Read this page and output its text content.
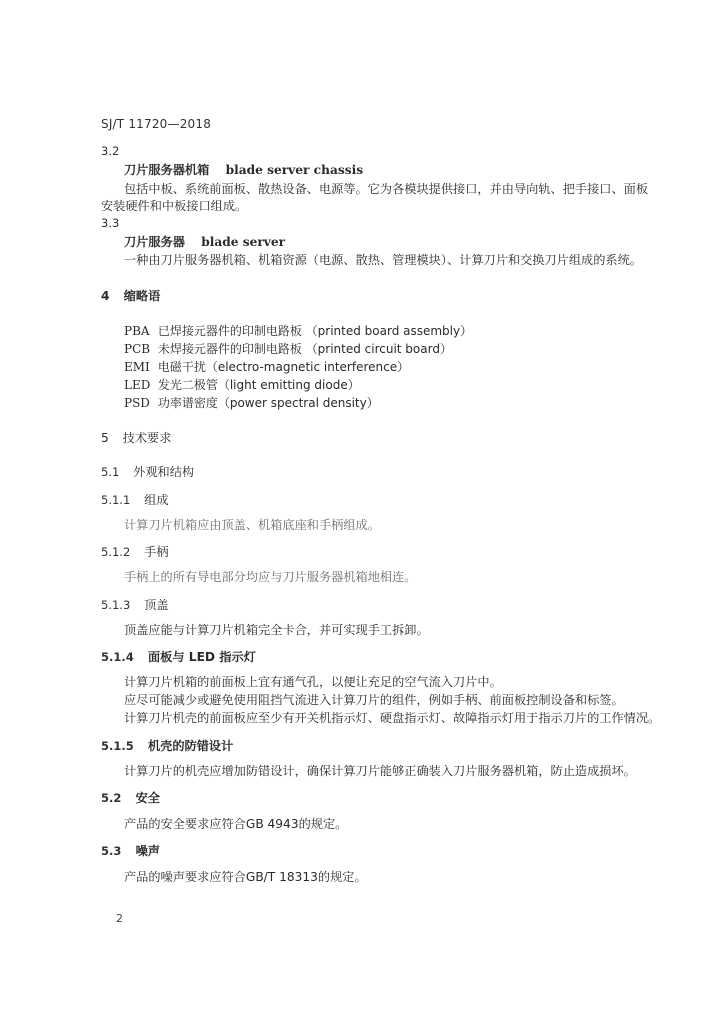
SJ/T 11720—2018
3.2
刀片服务器机箱 blade server chassis
包括中板、系统前面板、散热设备、电源等。它为各模块提供接口，并由导向轨、把手接口、面板
安装硬件和中板接口组成。
3.3
刀片服务器 blade server
一种由刀片服务器机箱、机箱资源（电源、散热、管理模块）、计算刀片和交换刀片组成的系统。
4 缩略语
PBA 已焊接元器件的印制电路板 （printed board assembly）
PCB 未焊接元器件的印制电路板 （printed circuit board）
EMI 电磁干扰（electro-magnetic interference）
LED 发光二极管（light emitting diode）
PSD 功率谱密度（power spectral density）
5 技术要求
5.1 外观和结构
5.1.1 组成
计算刀片机箱应由顶盖、机箱底座和手柄组成。
5.1.2 手柄
手柄上的所有导电部分均应与刀片服务器机箱地相连。
5.1.3 顶盖
顶盖应能与计算刀片机箱完全卡合，并可实现手工拆卸。
5.1.4 面板与 LED 指示灯
计算刀片机箱的前面板上宜有通气孔，以便让充足的空气流入刀片中。
应尽可能减少或避免使用阻挡气流进入计算刀片的组件，例如手柄、前面板控制设备和标签。
计算刀片机壳的前面板应至少有开关机指示灯、硬盘指示灯、故障指示灯用于指示刀片的工作情况。
5.1.5 机壳的防错设计
计算刀片的机壳应增加防错设计，确保计算刀片能够正确装入刀片服务器机箱，防止造成损坏。
5.2 安全
产品的安全要求应符合GB 4943的规定。
5.3 噪声
产品的噪声要求应符合GB/T 18313的规定。
2
